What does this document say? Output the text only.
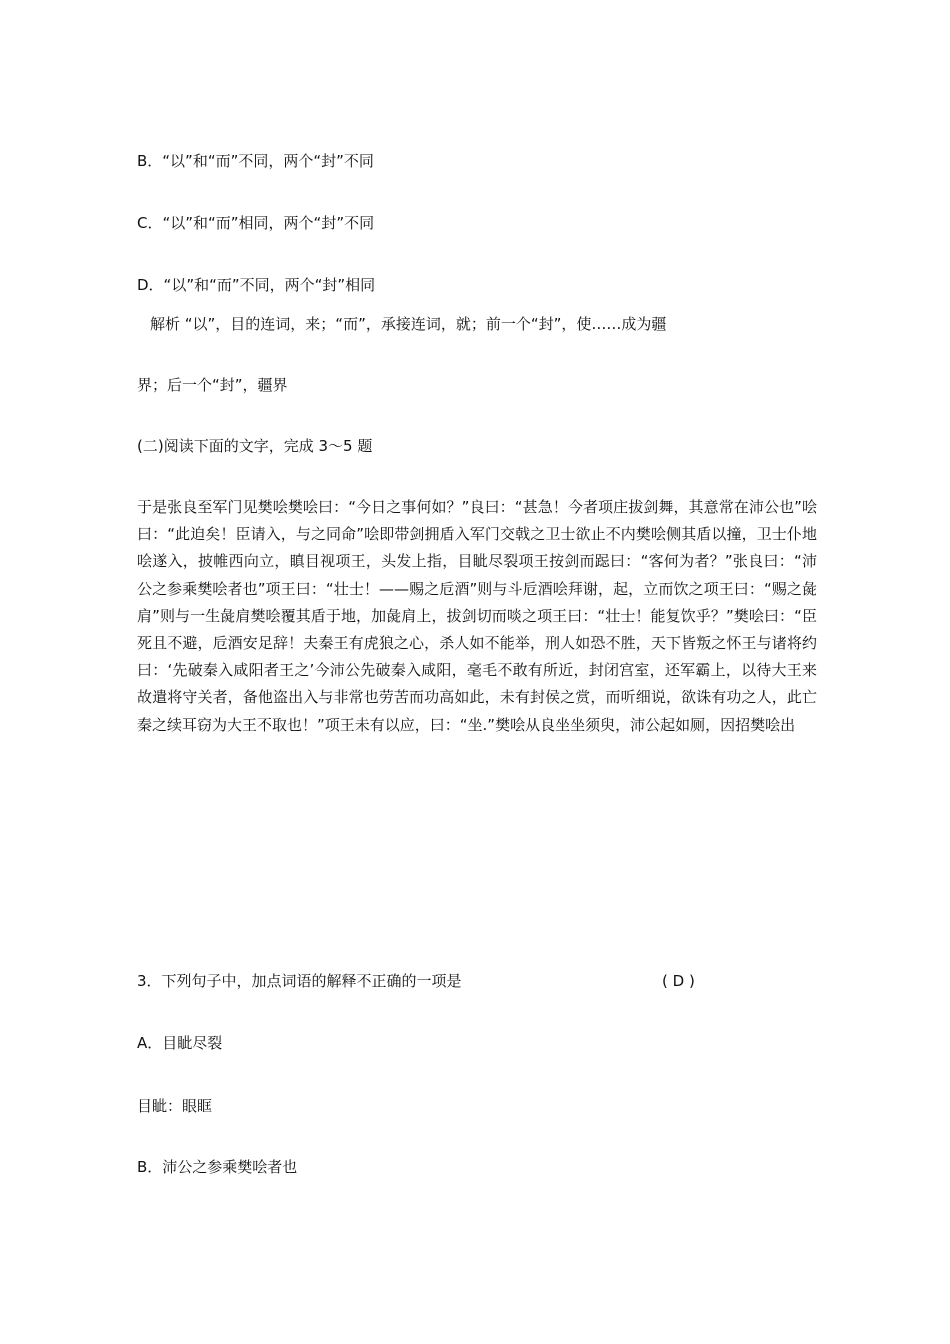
B．“以”和“而”不同，两个“封”不同
C．“以”和“而”相同，两个“封”不同
D．“以”和“而”不同，两个“封”相同
解析 “以”，目的连词，来；“而”，承接连词，就；前一个“封”，使……成为疆
界；后一个“封”，疆界
(二)阅读下面的文字，完成 3～5 题

于是张良至军门见樊哙樊哙曰：“今日之事何如？”良曰：“甚急！今者项庄拔剑舞，其意常在沛公也”哙曰：“此迫矣！臣请入，与之同命”哙即带剑拥盾入军门交戟之卫士欲止不内樊哙侧其盾以撞，卫士仆地哙遂入，披帷西向立，瞋目视项王，头发上指，目眦尽裂项王按剑而跽曰：“客何为者？”张良曰：“沛公之参乘樊哙者也”项王曰：“壮士！——赐之卮酒”则与斗卮酒哙拜谢，起，立而饮之项王曰：“赐之彘肩”则与一生彘肩樊哙覆其盾于地，加彘肩上，拔剑切而啖之项王曰：“壮士！能复饮乎？”樊哙曰：“臣死且不避，卮酒安足辞！夫秦王有虎狼之心，杀人如不能举，刑人如恐不胜，天下皆叛之怀王与诸将约曰：‘先破秦入咸阳者王之’今沛公先破秦入咸阳，毫毛不敢有所近，封闭宫室，还军霸上，以待大王来故遣将守关者，备他盗出入与非常也劳苦而功高如此，未有封侯之赏，而听细说，欲诛有功之人，此亡秦之续耳窃为大王不取也！”项王未有以应，曰：“坐.”樊哙从良坐坐须臾，沛公起如厕，因招樊哙出

3．下列句子中，加点词语的解释不正确的一项是	( D )
A．目眦尽裂
目眦：眼眶
B．沛公之参乘樊哙者也
